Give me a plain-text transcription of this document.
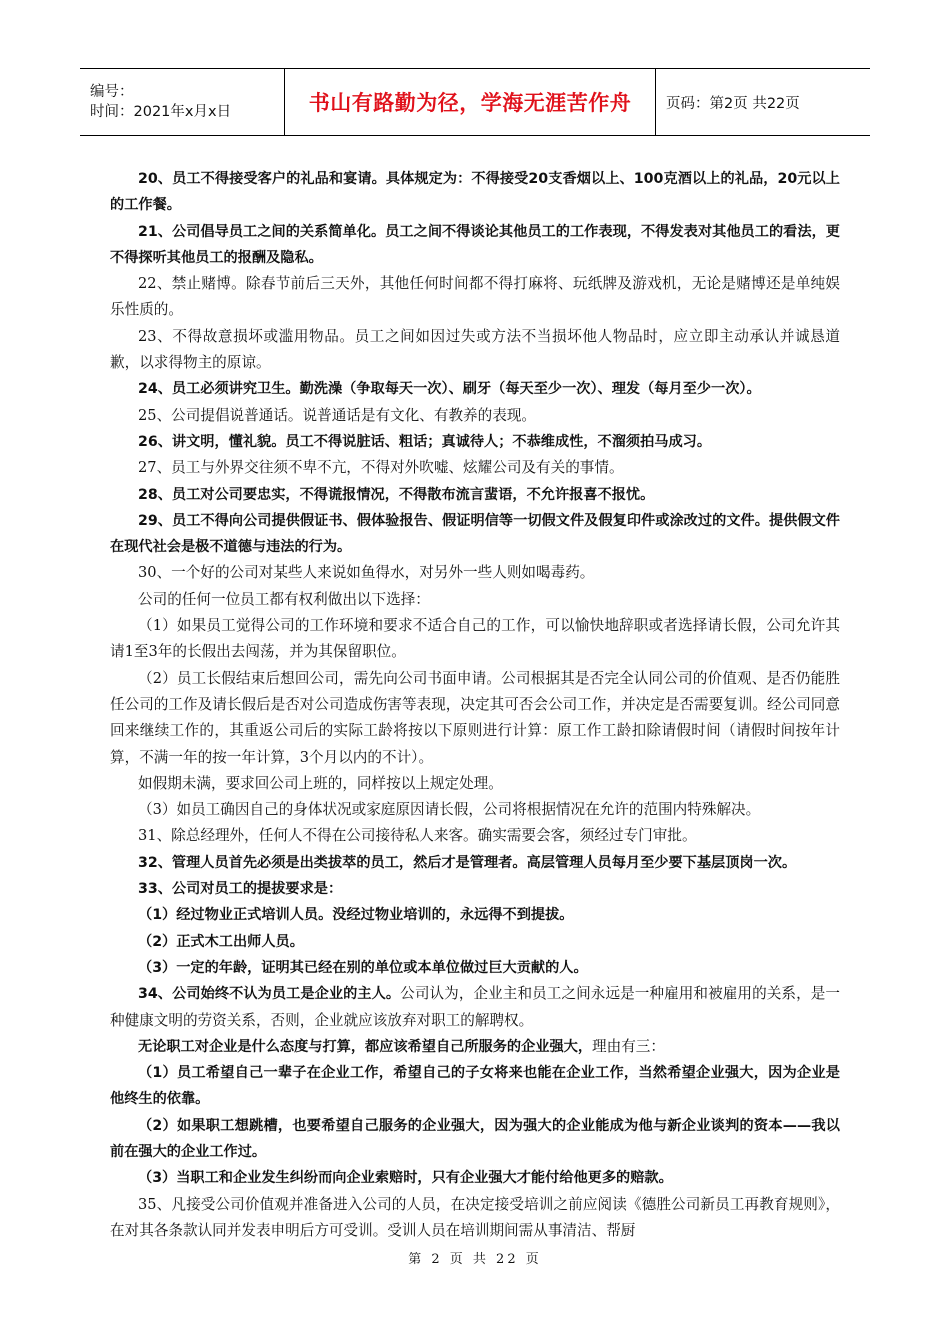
编号：
时间：2021年x月x日	书山有路勤为径，学海无涯苦作舟	页码：第2页 共22页

20、员工不得接受客户的礼品和宴请。具体规定为：不得接受20支香烟以上、100克酒以上的礼品，20元以上的工作餐。

21、公司倡导员工之间的关系简单化。员工之间不得谈论其他员工的工作表现，不得发表对其他员工的看法，更不得探听其他员工的报酬及隐私。

22、禁止赌博。除春节前后三天外，其他任何时间都不得打麻将、玩纸牌及游戏机，无论是赌博还是单纯娱乐性质的。

23、不得故意损坏或滥用物品。员工之间如因过失或方法不当损坏他人物品时，应立即主动承认并诚恳道歉，以求得物主的原谅。

24、员工必须讲究卫生。勤洗澡（争取每天一次）、刷牙（每天至少一次）、理发（每月至少一次）。

25、公司提倡说普通话。说普通话是有文化、有教养的表现。

26、讲文明，懂礼貌。员工不得说脏话、粗话；真诚待人；不恭维成性，不溜须拍马成习。

27、员工与外界交往须不卑不亢，不得对外吹嘘、炫耀公司及有关的事情。

28、员工对公司要忠实，不得谎报情况，不得散布流言蜚语，不允许报喜不报忧。

29、员工不得向公司提供假证书、假体验报告、假证明信等一切假文件及假复印件或涂改过的文件。提供假文件在现代社会是极不道德与违法的行为。

30、一个好的公司对某些人来说如鱼得水，对另外一些人则如喝毒药。

公司的任何一位员工都有权利做出以下选择：

（1）如果员工觉得公司的工作环境和要求不适合自己的工作，可以愉快地辞职或者选择请长假，公司允许其请1至3年的长假出去闯荡，并为其保留职位。

（2）员工长假结束后想回公司，需先向公司书面申请。公司根据其是否完全认同公司的价值观、是否仍能胜任公司的工作及请长假后是否对公司造成伤害等表现，决定其可否会公司工作，并决定是否需要复训。经公司同意回来继续工作的，其重返公司后的实际工龄将按以下原则进行计算：原工作工龄扣除请假时间（请假时间按年计算，不满一年的按一年计算，3个月以内的不计）。

如假期未满，要求回公司上班的，同样按以上规定处理。

（3）如员工确因自己的身体状况或家庭原因请长假，公司将根据情况在允许的范围内特殊解决。

31、除总经理外，任何人不得在公司接待私人来客。确实需要会客，须经过专门审批。

32、管理人员首先必须是出类拔萃的员工，然后才是管理者。高层管理人员每月至少要下基层顶岗一次。

33、公司对员工的提拔要求是：

（1）经过物业正式培训人员。没经过物业培训的，永远得不到提拔。

（2）正式木工出师人员。

（3）一定的年龄，证明其已经在别的单位或本单位做过巨大贡献的人。

34、公司始终不认为员工是企业的主人。公司认为，企业主和员工之间永远是一种雇用和被雇用的关系，是一种健康文明的劳资关系，否则，企业就应该放弃对职工的解聘权。

无论职工对企业是什么态度与打算，都应该希望自己所服务的企业强大，理由有三：

（1）员工希望自己一辈子在企业工作，希望自己的子女将来也能在企业工作，当然希望企业强大，因为企业是他终生的依靠。

（2）如果职工想跳槽，也要希望自己服务的企业强大，因为强大的企业能成为他与新企业谈判的资本——我以前在强大的企业工作过。

（3）当职工和企业发生纠纷而向企业索赔时，只有企业强大才能付给他更多的赔款。

35、凡接受公司价值观并准备进入公司的人员，在决定接受培训之前应阅读《德胜公司新员工再教育规则》，在对其各条款认同并发表申明后方可受训。受训人员在培训期间需从事清洁、帮厨

第 2 页 共 22 页
